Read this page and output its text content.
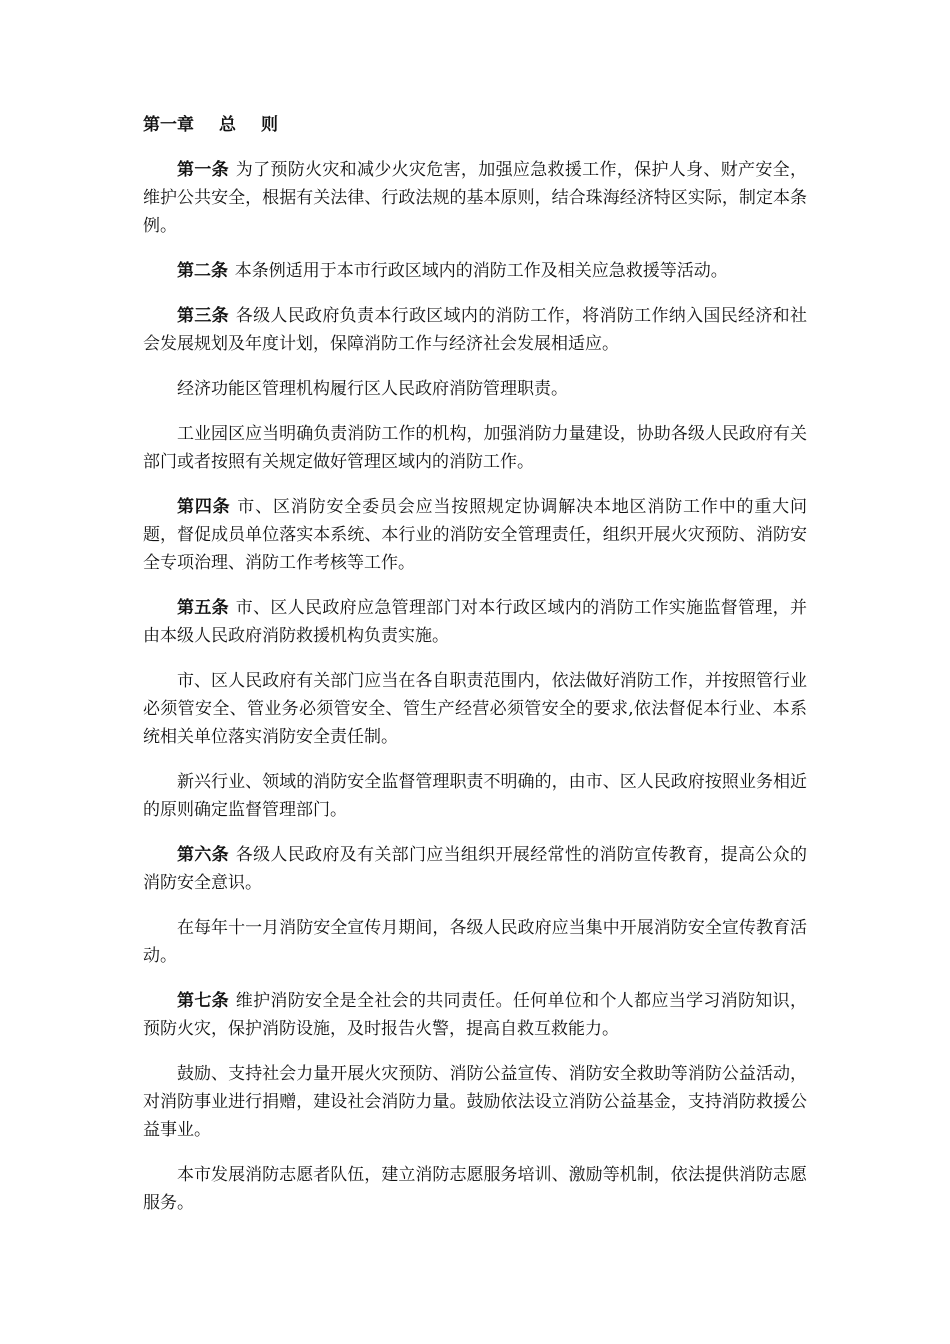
第一章 总 则

第一条 为了预防火灾和减少火灾危害，加强应急救援工作，保护人身、财产安全，维护公共安全，根据有关法律、行政法规的基本原则，结合珠海经济特区实际，制定本条例。

第二条 本条例适用于本市行政区域内的消防工作及相关应急救援等活动。

第三条 各级人民政府负责本行政区域内的消防工作，将消防工作纳入国民经济和社会发展规划及年度计划，保障消防工作与经济社会发展相适应。

经济功能区管理机构履行区人民政府消防管理职责。

工业园区应当明确负责消防工作的机构，加强消防力量建设，协助各级人民政府有关部门或者按照有关规定做好管理区域内的消防工作。

第四条 市、区消防安全委员会应当按照规定协调解决本地区消防工作中的重大问题，督促成员单位落实本系统、本行业的消防安全管理责任，组织开展火灾预防、消防安全专项治理、消防工作考核等工作。

第五条 市、区人民政府应急管理部门对本行政区域内的消防工作实施监督管理，并由本级人民政府消防救援机构负责实施。

市、区人民政府有关部门应当在各自职责范围内，依法做好消防工作，并按照管行业必须管安全、管业务必须管安全、管生产经营必须管安全的要求,依法督促本行业、本系统相关单位落实消防安全责任制。

新兴行业、领域的消防安全监督管理职责不明确的，由市、区人民政府按照业务相近的原则确定监督管理部门。

第六条 各级人民政府及有关部门应当组织开展经常性的消防宣传教育，提高公众的消防安全意识。

在每年十一月消防安全宣传月期间，各级人民政府应当集中开展消防安全宣传教育活动。

第七条 维护消防安全是全社会的共同责任。任何单位和个人都应当学习消防知识，预防火灾，保护消防设施，及时报告火警，提高自救互救能力。

鼓励、支持社会力量开展火灾预防、消防公益宣传、消防安全救助等消防公益活动，对消防事业进行捐赠，建设社会消防力量。鼓励依法设立消防公益基金，支持消防救援公益事业。

本市发展消防志愿者队伍，建立消防志愿服务培训、激励等机制，依法提供消防志愿服务。
